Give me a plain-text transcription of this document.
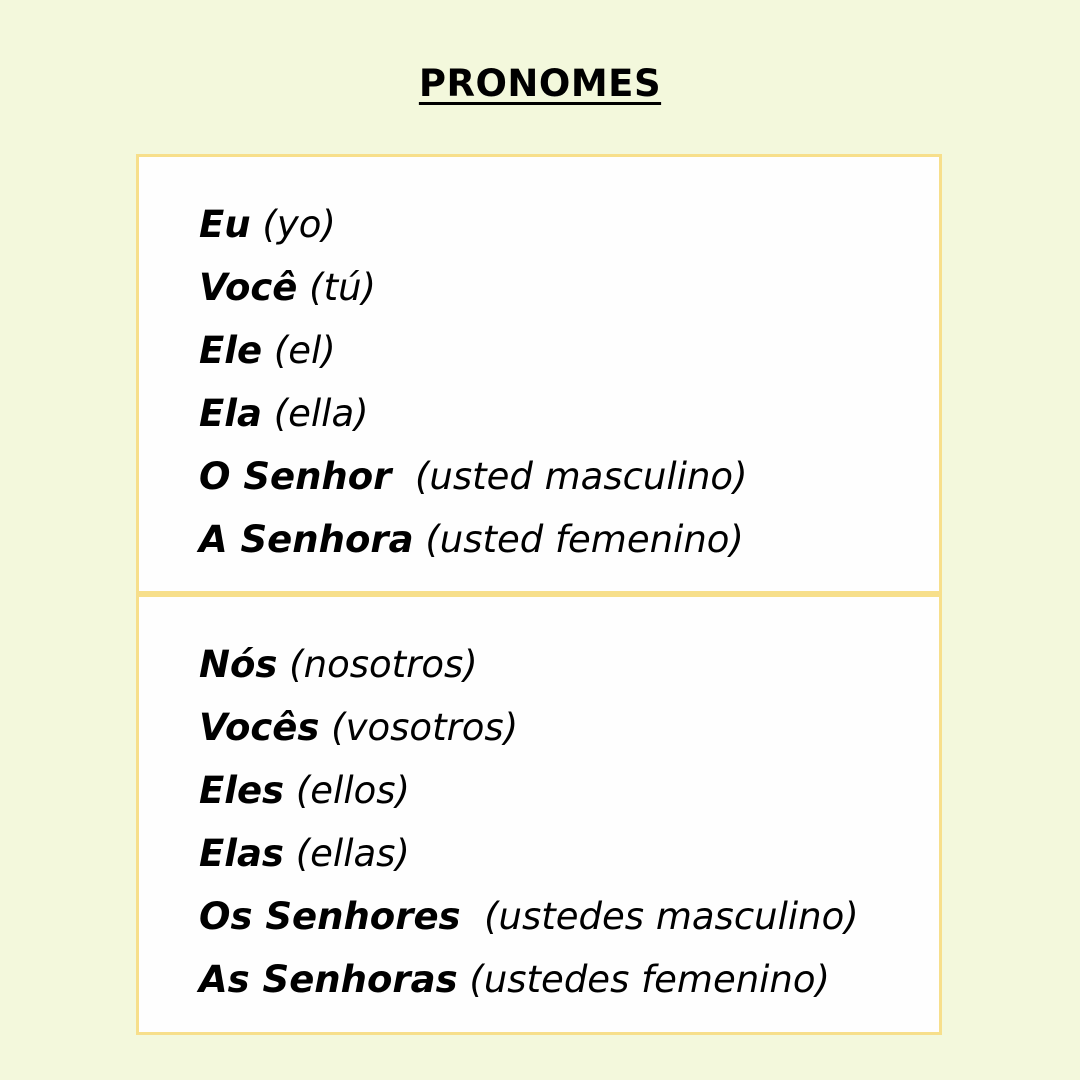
PRONOMES
Eu (yo)
Você (tú)
Ele (el)
Ela (ella)
O Senhor  (usted masculino)
A Senhora (usted femenino)
Nós (nosotros)
Vocês (vosotros)
Eles (ellos)
Elas (ellas)
Os Senhores  (ustedes masculino)
As Senhoras (ustedes femenino)
